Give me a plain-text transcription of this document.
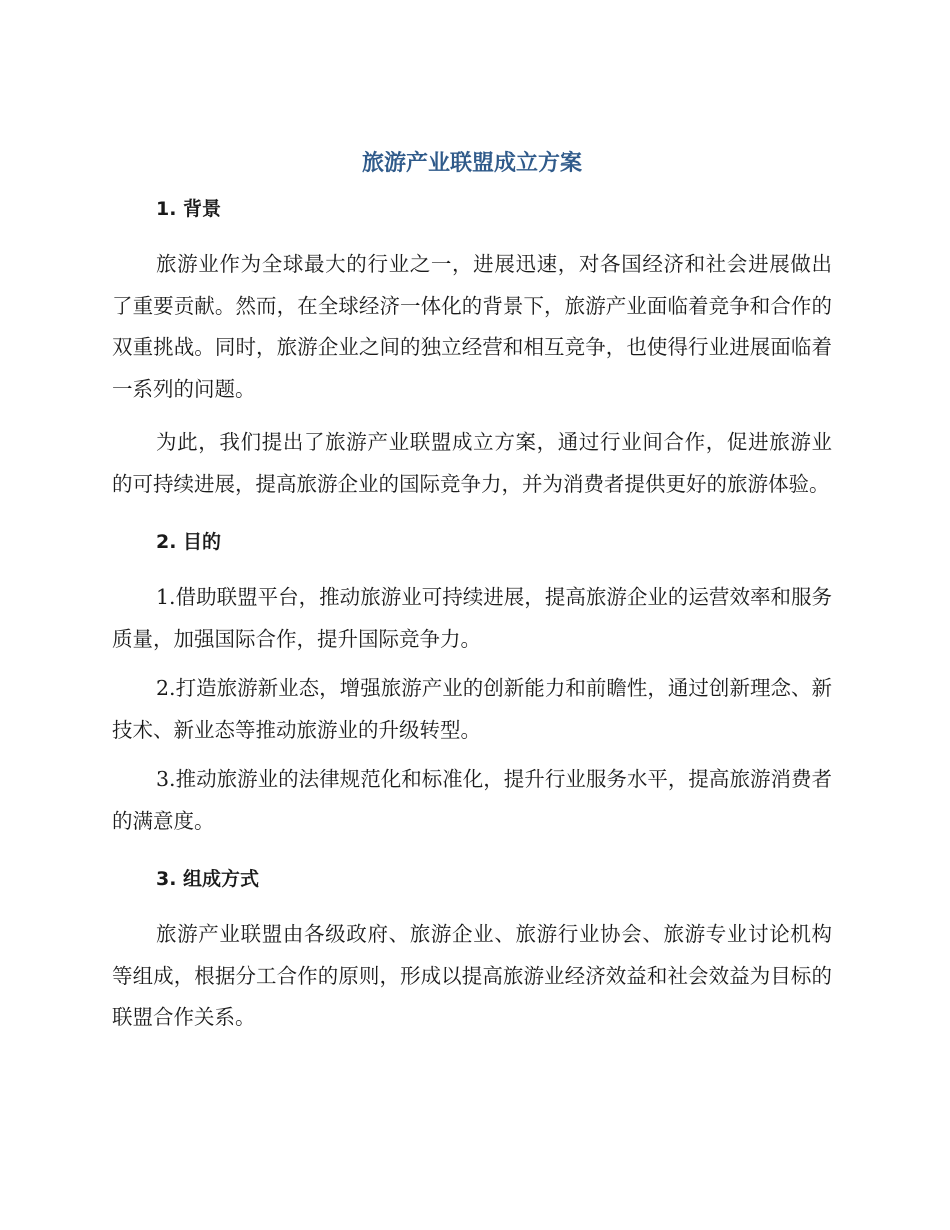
旅游产业联盟成立方案
1. 背景

旅游业作为全球最大的行业之一，进展迅速，对各国经济和社会进展做出了重要贡献。然而，在全球经济一体化的背景下，旅游产业面临着竞争和合作的双重挑战。同时，旅游企业之间的独立经营和相互竞争，也使得行业进展面临着一系列的问题。

为此，我们提出了旅游产业联盟成立方案，通过行业间合作，促进旅游业的可持续进展，提高旅游企业的国际竞争力，并为消费者提供更好的旅游体验。

2. 目的

1.借助联盟平台，推动旅游业可持续进展，提高旅游企业的运营效率和服务质量，加强国际合作，提升国际竞争力。

2.打造旅游新业态，增强旅游产业的创新能力和前瞻性，通过创新理念、新技术、新业态等推动旅游业的升级转型。

3.推动旅游业的法律规范化和标准化，提升行业服务水平，提高旅游消费者的满意度。

3. 组成方式

旅游产业联盟由各级政府、旅游企业、旅游行业协会、旅游专业讨论机构等组成，根据分工合作的原则，形成以提高旅游业经济效益和社会效益为目标的联盟合作关系。
